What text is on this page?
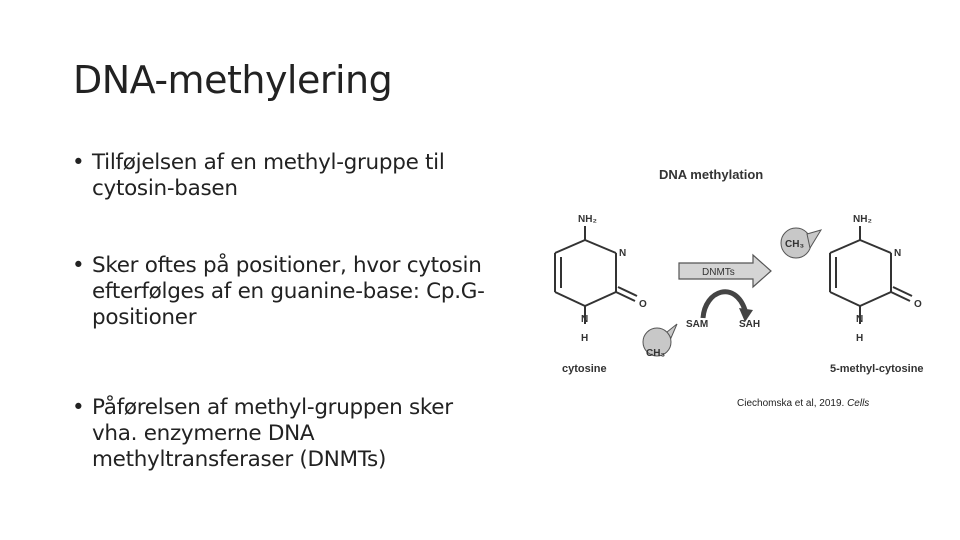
DNA-methylering
• Tilføjelsen af en methyl-gruppe til cytosin-basen
• Sker oftes på positioner, hvor cytosin efterfølges af en guanine-base: Cp.G-positioner
• Påførelsen af methyl-gruppen sker vha. enzymerne DNA methyltransferaser (DNMTs)
DNA methylation
NH₂
N
O
N
H
cytosine
DNMTs
SAM	SAH
CH₃
CH₃
NH₂
N
O
N
H
5-methyl-cytosine
Ciechomska et al, 2019. Cells
